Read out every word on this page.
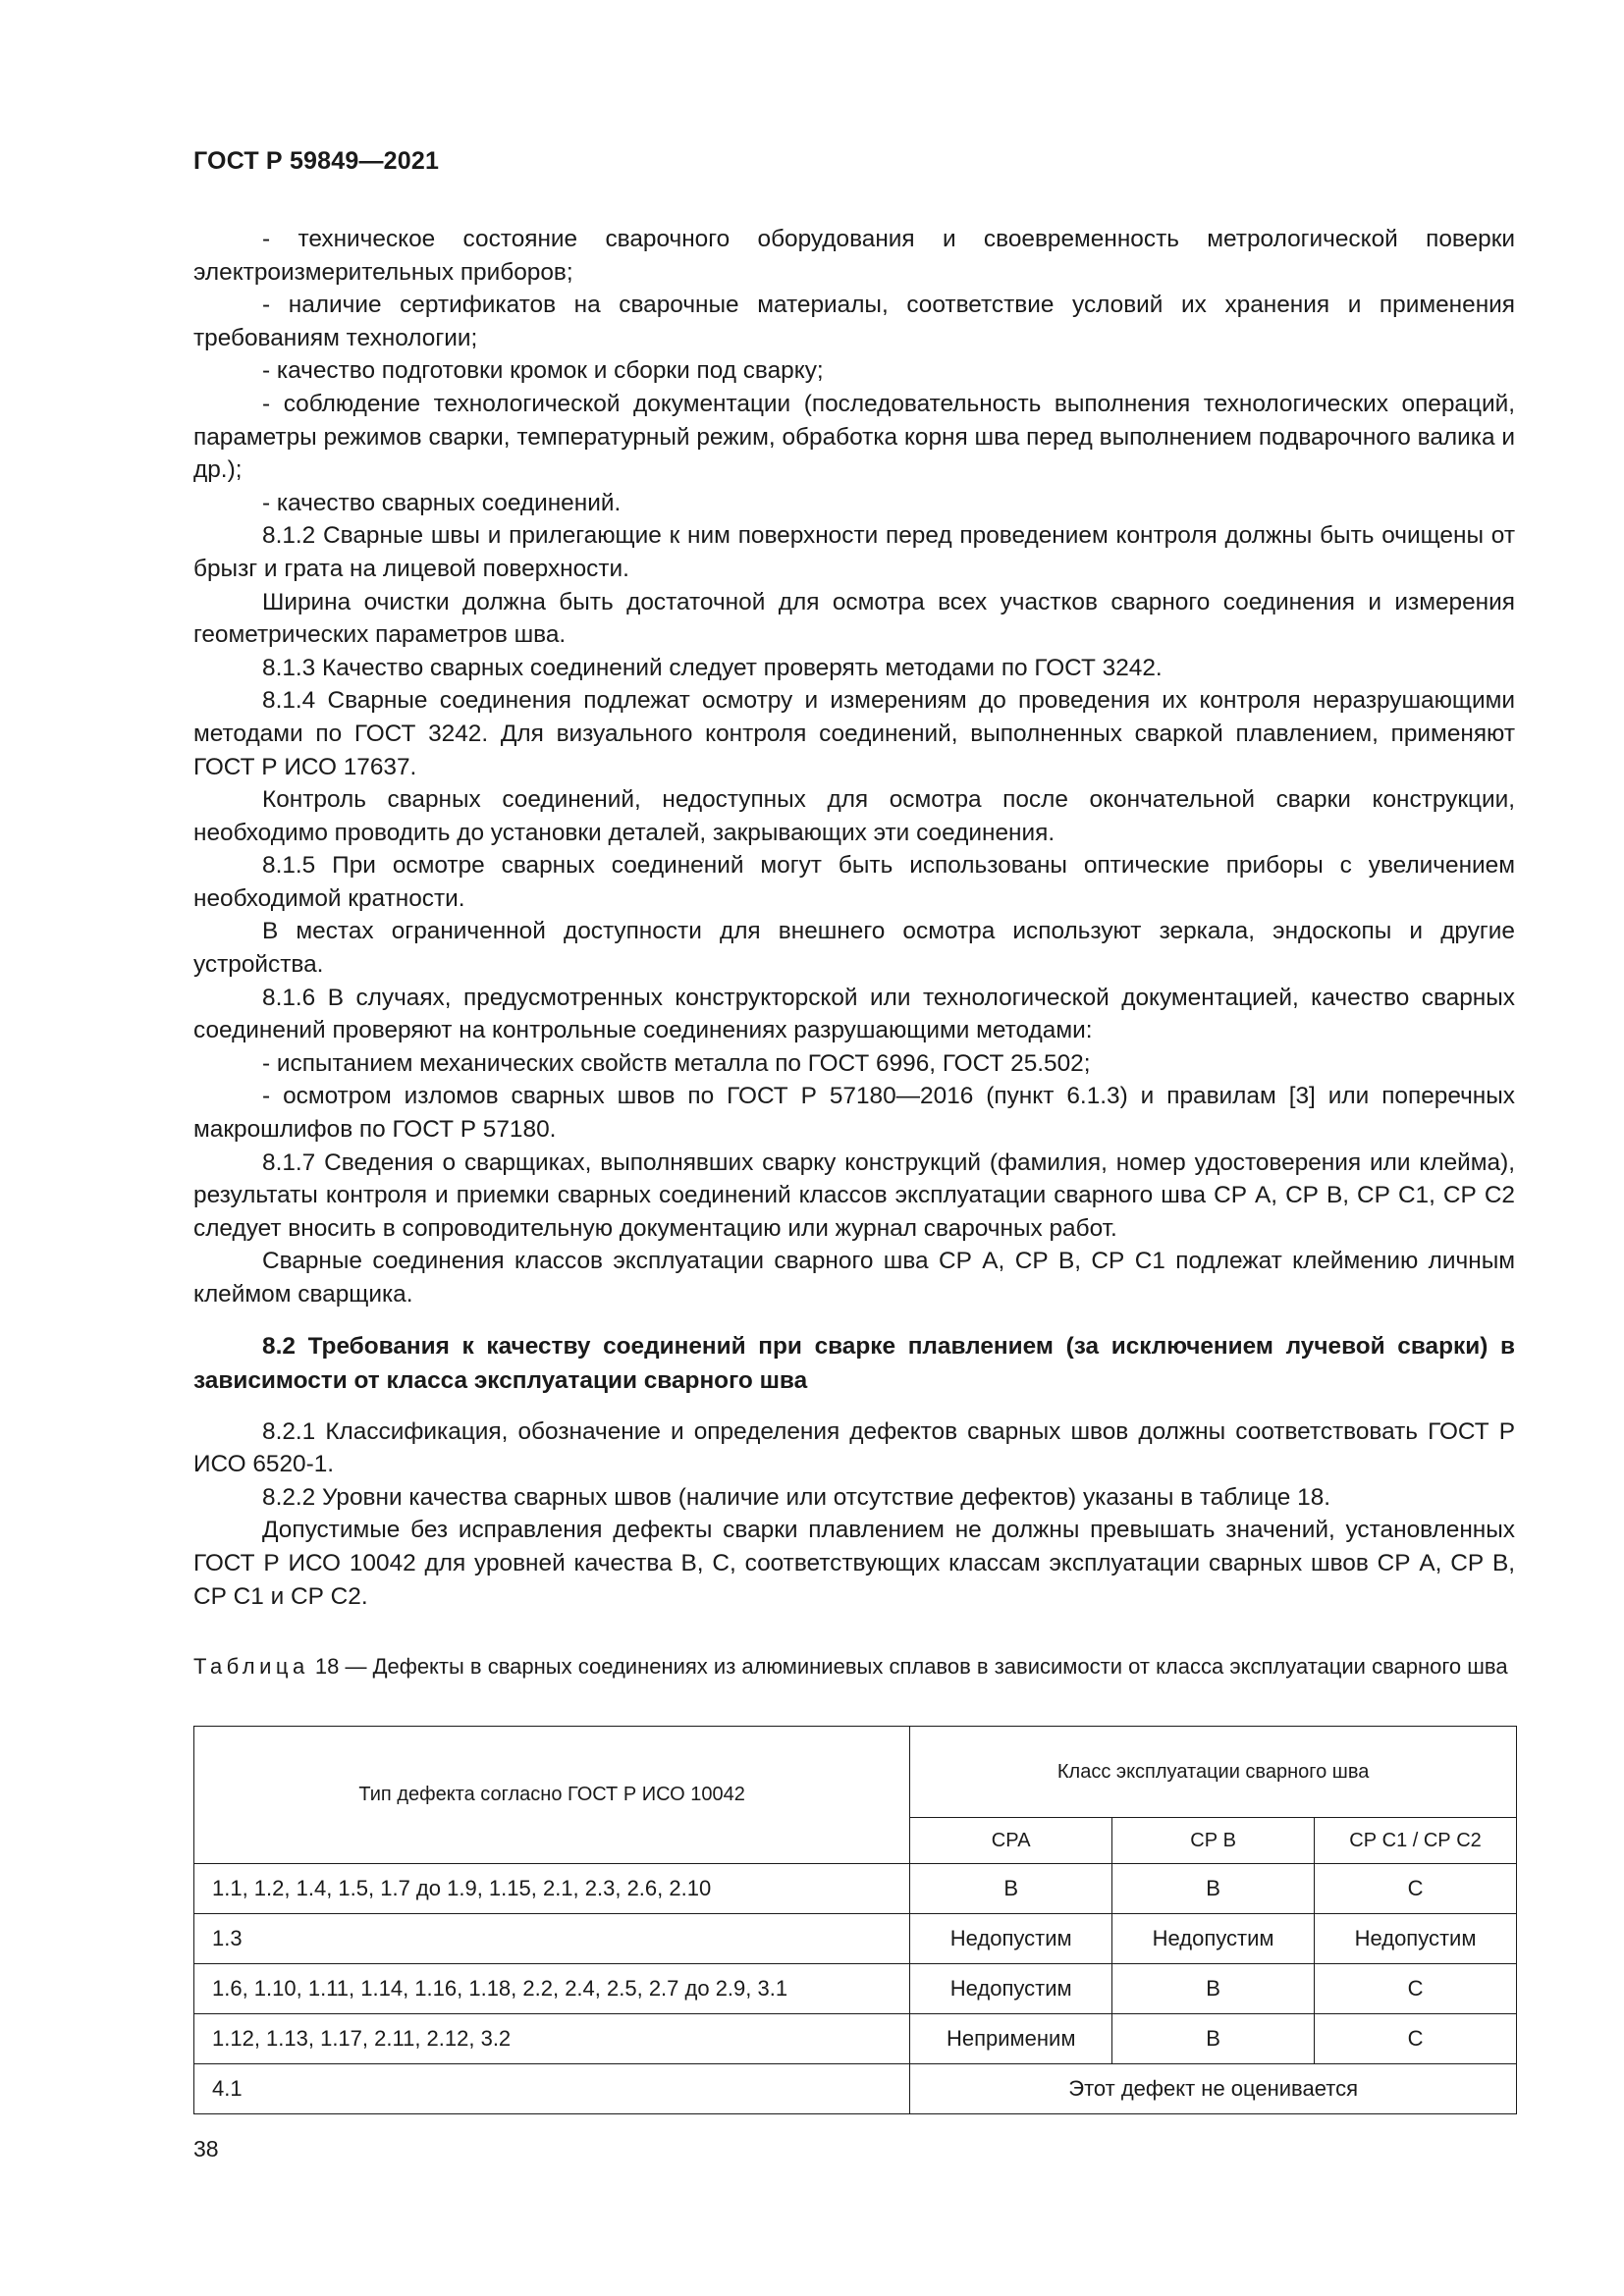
ГОСТ Р 59849—2021

- техническое состояние сварочного оборудования и своевременность метрологической поверки электроизмерительных приборов;

- наличие сертификатов на сварочные материалы, соответствие условий их хранения и применения требованиям технологии;

- качество подготовки кромок и сборки под сварку;

- соблюдение технологической документации (последовательность выполнения технологических операций, параметры режимов сварки, температурный режим, обработка корня шва перед выполнением подварочного валика и др.);

- качество сварных соединений.

8.1.2 Сварные швы и прилегающие к ним поверхности перед проведением контроля должны быть очищены от брызг и грата на лицевой поверхности.

Ширина очистки должна быть достаточной для осмотра всех участков сварного соединения и измерения геометрических параметров шва.

8.1.3 Качество сварных соединений следует проверять методами по ГОСТ 3242.

8.1.4 Сварные соединения подлежат осмотру и измерениям до проведения их контроля неразрушающими методами по ГОСТ 3242. Для визуального контроля соединений, выполненных сваркой плавлением, применяют ГОСТ Р ИСО 17637.

Контроль сварных соединений, недоступных для осмотра после окончательной сварки конструкции, необходимо проводить до установки деталей, закрывающих эти соединения.

8.1.5 При осмотре сварных соединений могут быть использованы оптические приборы с увеличением необходимой кратности.

В местах ограниченной доступности для внешнего осмотра используют зеркала, эндоскопы и другие устройства.

8.1.6 В случаях, предусмотренных конструкторской или технологической документацией, качество сварных соединений проверяют на контрольные соединениях разрушающими методами:

- испытанием механических свойств металла по ГОСТ 6996, ГОСТ 25.502;

- осмотром изломов сварных швов по ГОСТ Р 57180—2016 (пункт 6.1.3) и правилам [3] или поперечных макрошлифов по ГОСТ Р 57180.

8.1.7 Сведения о сварщиках, выполнявших сварку конструкций (фамилия, номер удостоверения или клейма), результаты контроля и приемки сварных соединений классов эксплуатации сварного шва СР А, СР В, СР С1, СР С2 следует вносить в сопроводительную документацию или журнал сварочных работ.

Сварные соединения классов эксплуатации сварного шва СР А, СР В, СР С1 подлежат клеймению личным клеймом сварщика.

8.2 Требования к качеству соединений при сварке плавлением (за исключением лучевой сварки) в зависимости от класса эксплуатации сварного шва

8.2.1 Классификация, обозначение и определения дефектов сварных швов должны соответствовать ГОСТ Р ИСО 6520-1.

8.2.2 Уровни качества сварных швов (наличие или отсутствие дефектов) указаны в таблице 18.

Допустимые без исправления дефекты сварки плавлением не должны превышать значений, установленных ГОСТ Р ИСО 10042 для уровней качества В, С, соответствующих классам эксплуатации сварных швов СР А, СР В, СР С1 и СР С2.

Таблица 18 — Дефекты в сварных соединениях из алюминиевых сплавов в зависимости от класса эксплуатации сварного шва
Тип дефекта согласно ГОСТ Р ИСО 10042	Класс эксплуатации сварного шва		
	СРА	СР В	СР С1 / СР С2
1.1, 1.2, 1.4, 1.5, 1.7 до 1.9, 1.15, 2.1, 2.3, 2.6, 2.10	В	В	С
1.3	Недопустим	Недопустим	Недопустим
1.6, 1.10, 1.11, 1.14, 1.16, 1.18, 2.2, 2.4, 2.5, 2.7 до 2.9, 3.1	Недопустим	В	С
1.12, 1.13, 1.17, 2.11, 2.12, 3.2	Неприменим	В	С
4.1	Этот дефект не оценивается		
38
